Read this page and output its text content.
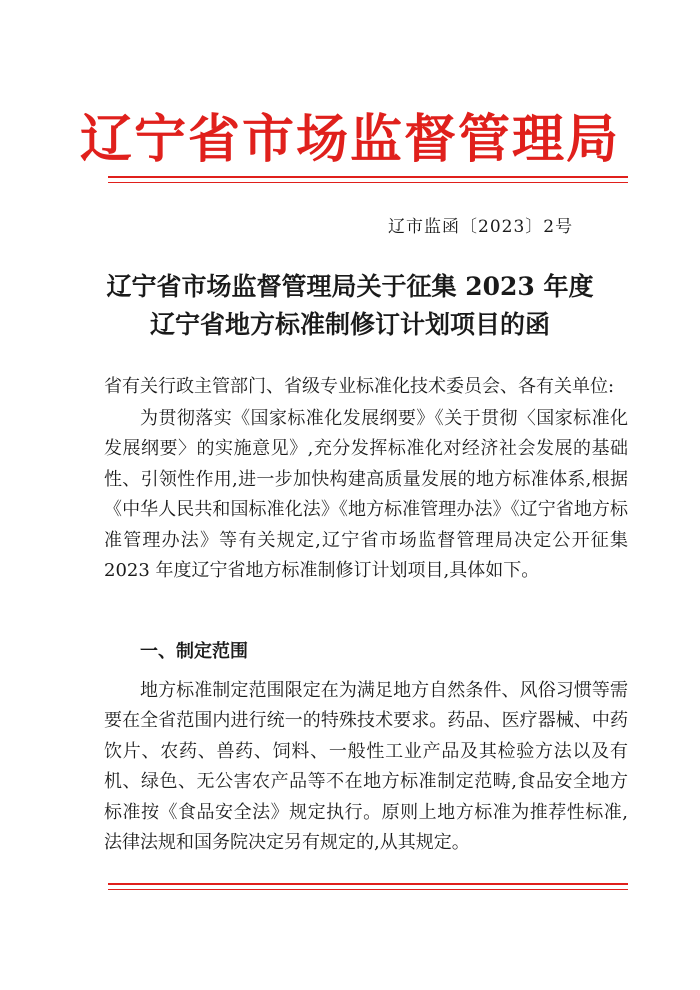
辽宁省市场监督管理局
辽市监函〔2023〕2号
辽宁省市场监督管理局关于征集 2023 年度
辽宁省地方标准制修订计划项目的函
省有关行政主管部门、省级专业标准化技术委员会、各有关单位:

为贯彻落实《国家标准化发展纲要》《关于贯彻〈国家标准化发展纲要〉的实施意见》,充分发挥标准化对经济社会发展的基础性、引领性作用,进一步加快构建高质量发展的地方标准体系,根据《中华人民共和国标准化法》《地方标准管理办法》《辽宁省地方标准管理办法》等有关规定,辽宁省市场监督管理局决定公开征集 2023 年度辽宁省地方标准制修订计划项目,具体如下。

一、制定范围

地方标准制定范围限定在为满足地方自然条件、风俗习惯等需要在全省范围内进行统一的特殊技术要求。药品、医疗器械、中药饮片、农药、兽药、饲料、一般性工业产品及其检验方法以及有机、绿色、无公害农产品等不在地方标准制定范畴,食品安全地方标准按《食品安全法》规定执行。原则上地方标准为推荐性标准,法律法规和国务院决定另有规定的,从其规定。
